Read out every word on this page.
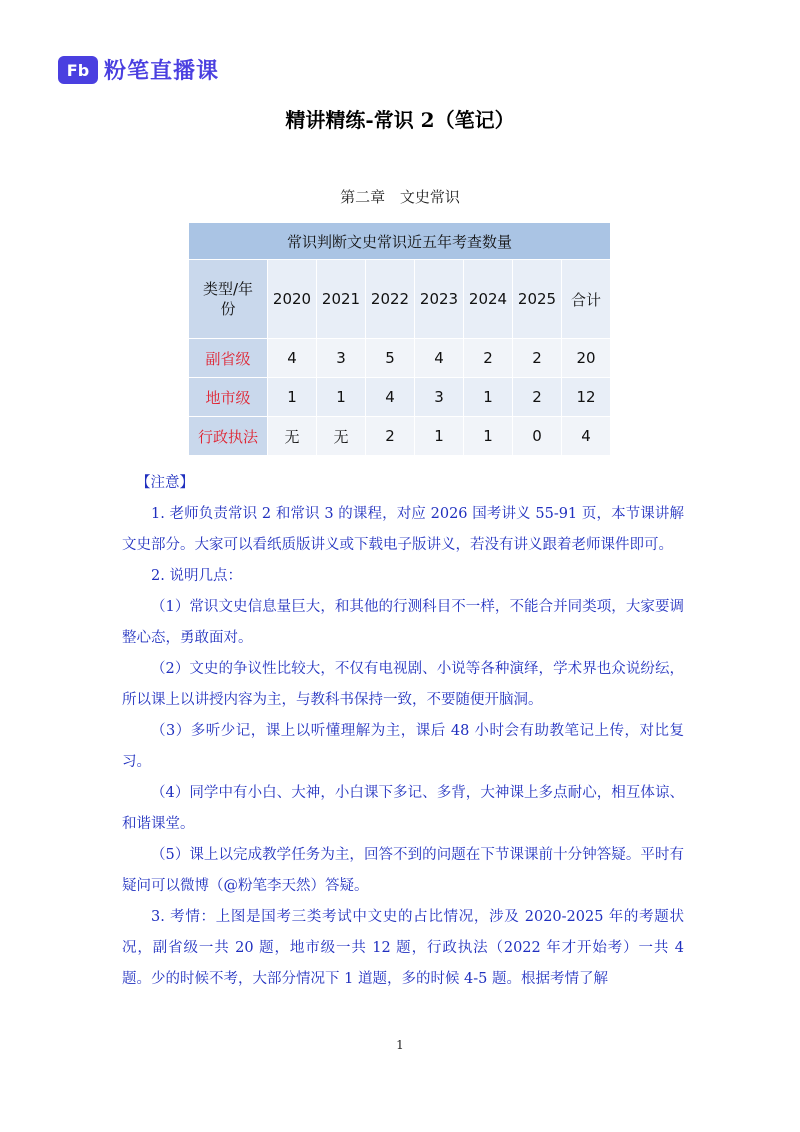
Fb 粉笔直播课
精讲精练-常识 2（笔记）
第二章 文史常识
常识判断文史常识近五年考查数量							
类型/年份	2020	2021	2022	2023	2024	2025	合计
副省级	4	3	5	4	2	2	20
地市级	1	1	4	3	1	2	12
行政执法	无	无	2	1	1	0	4

【注意】

1. 老师负责常识 2 和常识 3 的课程，对应 2026 国考讲义 55-91 页，本节课讲解文史部分。大家可以看纸质版讲义或下载电子版讲义，若没有讲义跟着老师课件即可。

2. 说明几点：

（1）常识文史信息量巨大，和其他的行测科目不一样，不能合并同类项，大家要调整心态，勇敢面对。

（2）文史的争议性比较大，不仅有电视剧、小说等各种演绎，学术界也众说纷纭，所以课上以讲授内容为主，与教科书保持一致，不要随便开脑洞。

（3）多听少记，课上以听懂理解为主，课后 48 小时会有助教笔记上传，对比复习。

（4）同学中有小白、大神，小白课下多记、多背，大神课上多点耐心，相互体谅、和谐课堂。

（5）课上以完成教学任务为主，回答不到的问题在下节课课前十分钟答疑。平时有疑问可以微博（@粉笔李天然）答疑。

3. 考情：上图是国考三类考试中文史的占比情况，涉及 2020-2025 年的考题状况，副省级一共 20 题，地市级一共 12 题，行政执法（2022 年才开始考）一共 4 题。少的时候不考，大部分情况下 1 道题，多的时候 4-5 题。根据考情了解

1
